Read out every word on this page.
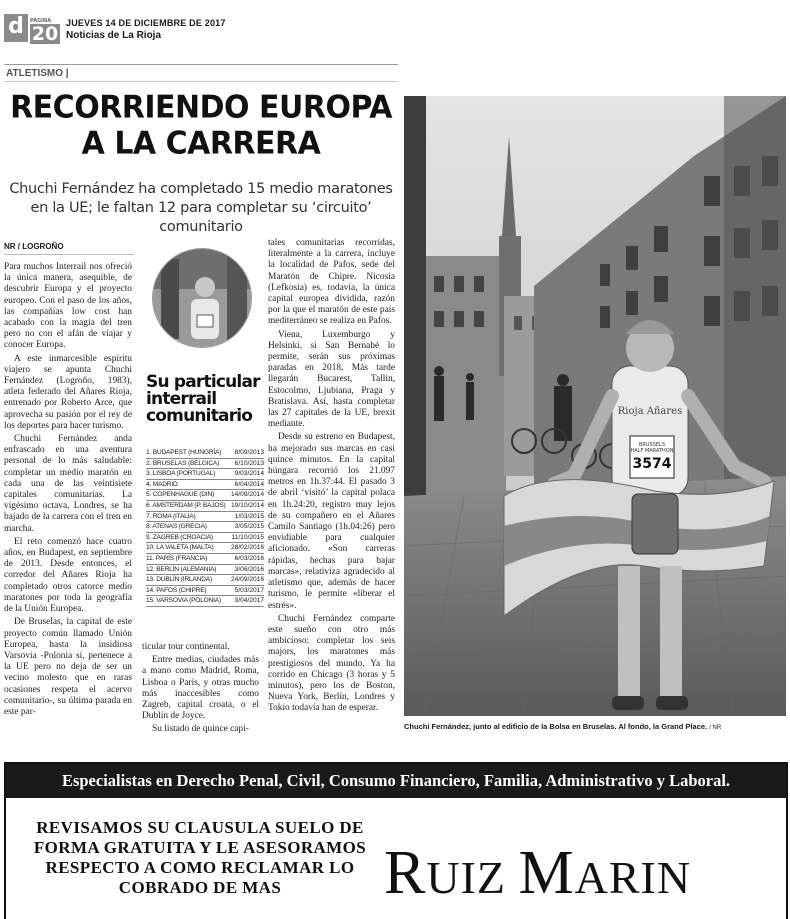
d	PÁGINA
20 JUEVES 14 DE DICIEMBRE DE 2017
Noticias de La Rioja
ATLETISMO |
RECORRIENDO EUROPA
A LA CARRERA
Chuchi Fernández ha completado 15 medio maratones en la UE; le faltan 12 para completar su ‘circuito’ comunitario
NR / LOGROÑO

Para muchos Interrail nos ofreció la única manera, asequible, de descubrir Europa y el proyecto europeo. Con el paso de los años, las compañías low cost han acabado con la magia del tren pero no con el afán de viajar y conocer Europa.

A este inmarcesible espíritu viajero se apunta Chuchi Fernández (Logroño, 1983), atleta federado del Añares Rioja, entrenado por Roberto Arce, que aprovecha su pasión por el rey de los deportes para hacer turismo.

Chuchi Fernández anda enfrascado en una aventura personal de lo más saludable: completar un medio maratón en cada una de las veintisiete capitales comunitarias. La vigésimo octava, Londres, se ha bajado de la carrera con el tren en marcha.

El reto comenzó hace cuatro años, en Budapest, en septiembre de 2013. Desde entonces, el corredor del Añares Rioja ha completado otros catorce medio maratones por toda la geografía de la Unión Europea.

De Bruselas, la capital de este proyecto común llamado Unión Europea, hasta la insidiosa Varsovia -Polonia sí, pertenece a la UE pero no deja de ser un vecino molesto que en raras ocasiones respeta el acervo comunitario-, su última parada en este par-

Su particular interrail comunitario
1. BUDAPEST (HUNGRÍA) 8/09/2013
2. BRUSELAS (BÉLGICA) 6/10/2013
3. LISBOA (PORTUGAL)	9/03/2014
4. MADRID	6/04/2014
5. COPENHAGUE (DIN)	14/09/2014
6. AMSTERDAM (P. BAJOS) 19/10/2014
7. ROMA (ITALIA)	1/03/2015
8. ATENAS (GRECIA)	3/05/2015
9. ZAGREB (CROACIA)	11/10/2015
10. LA VALETA (MALTA)	28/02/2016
11. PARÍS (FRANCIA)	6/03/2016
12. BERLÍN (ALEMANIA)	3/06/2016
13. DUBLÍN (IRLANDA)	24/09/2016
14. PAFOS (CHIPRE)	5/03/2017
15. VARSOVIA (POLONIA) 3/04/2017

ticular tour continental.

Entre medias, ciudades más a mano como Madrid, Roma, Lisboa o París, y otras mucho más inaccesibles como Zagreb, capital croata, o el Dublín de Joyce.

Su listado de quince capi-

tales comunitarias recorridas, literalmente a la carrera, incluye la localidad de Pafos, sede del Maratón de Chipre. Nicosia (Lefkosia) es, todavía, la única capital europea dividida, razón por la que el maratón de este país mediterráneo se realiza en Pafos.

Viena, Luxemburgo y Helsinki, si San Bernabé lo permite, serán sus próximas paradas en 2018. Más tarde llegarán Bucarest, Tallin, Estocolmo, Ljubiana, Praga y Bratislava. Así, hasta completar las 27 capitales de la UE, brexit mediante.

Desde su estreno en Budapest, ha mejorado sus marcas en casi quince minutos. En la capital húngara recorrió los 21.097 metros en 1h.37:44. El pasado 3 de abril ‘visitó’ la capital polaca en 1h.24:20, registro muy lejos de su compañero en el Añares Camilo Santiago (1h.04:26) pero envidiable para cualquier aficionado. «Son carreras rápidas, hechas para bajar marcas», relativiza agradecido al atletismo que, además de hacer turismo, le permite «liberar el estrés».

Chuchi Fernández comparte este sueño con otro más ambicioso: completar los seis majors, los maratones más prestigiosos del mundo. Ya ha corrido en Chicago (3 horas y 5 minutos), pero los de Boston, Nueva York, Berlín, Londres y Tokio todavía han de esperar.

3574
BRUSSELS
HALF MARATHON
Rioja Añares
Chuchi Fernández, junto al edificio de la Bolsa en Bruselas. Al fondo, la Grand Place. / NR
Especialistas en Derecho Penal, Civil, Consumo Financiero, Familia, Administrativo y Laboral.
REVISAMOS SU CLAUSULA SUELO DE FORMA GRATUITA Y LE ASESORAMOS RESPECTO A COMO RECLAMAR LO COBRADO DE MAS	RUIZ MARIN
